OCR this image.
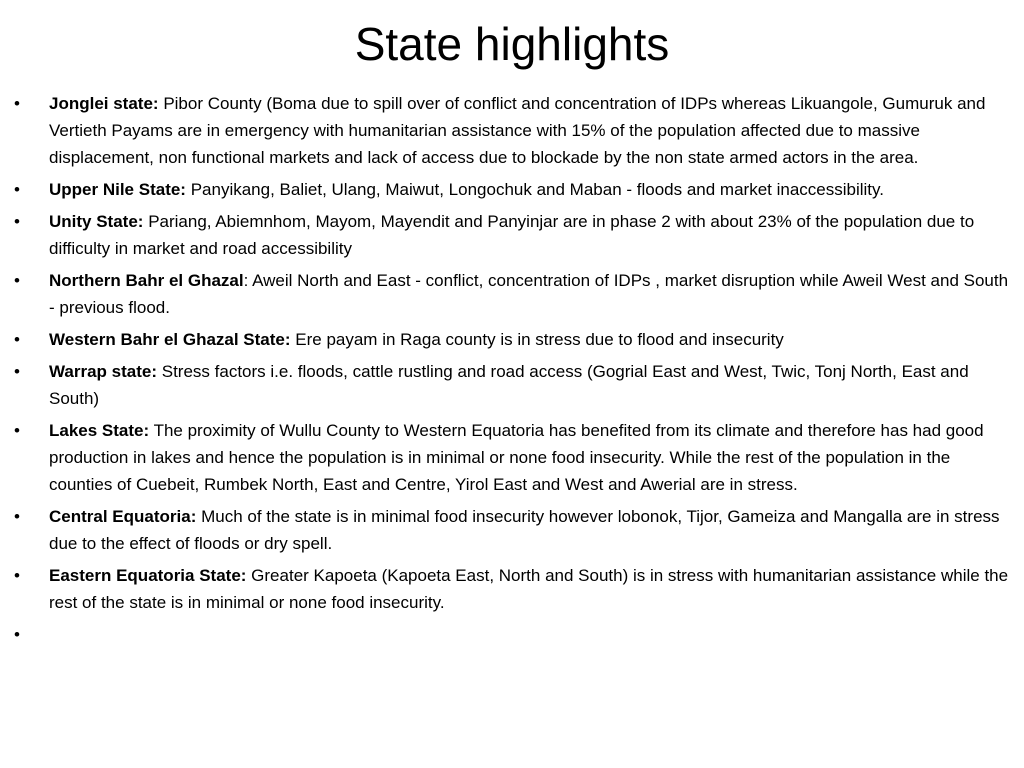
State highlights
• Jonglei state: Pibor County (Boma due to spill over of conflict and concentration of IDPs whereas Likuangole, Gumuruk and Vertieth Payams are in emergency with humanitarian assistance with 15% of the population affected due to massive displacement, non functional markets and lack of access due to blockade by the non state armed actors in the area.
• Upper Nile State: Panyikang, Baliet, Ulang, Maiwut, Longochuk and Maban - floods and market inaccessibility.
• Unity State: Pariang, Abiemnhom, Mayom, Mayendit and Panyinjar are in phase 2 with about 23% of the population due to difficulty in market and road accessibility
• Northern Bahr el Ghazal: Aweil North and East - conflict, concentration of IDPs , market disruption while Aweil West and South - previous flood.
• Western Bahr el Ghazal State: Ere payam in Raga county is in stress due to flood and insecurity
• Warrap state: Stress factors i.e. floods, cattle rustling and road access (Gogrial East and West, Twic, Tonj North, East and South)
• Lakes State: The proximity of Wullu County to Western Equatoria has benefited from its climate and therefore has had good production in lakes and hence the population is in minimal or none food insecurity. While the rest of the population in the counties of Cuebeit, Rumbek North, East and Centre, Yirol East and West and Awerial are in stress.
• Central Equatoria: Much of the state is in minimal food insecurity however lobonok, Tijor, Gameiza and Mangalla are in stress due to the effect of floods or dry spell.
• Eastern Equatoria State: Greater Kapoeta (Kapoeta East, North and South) is in stress with humanitarian assistance while the rest of the state is in minimal or none food insecurity.
•
